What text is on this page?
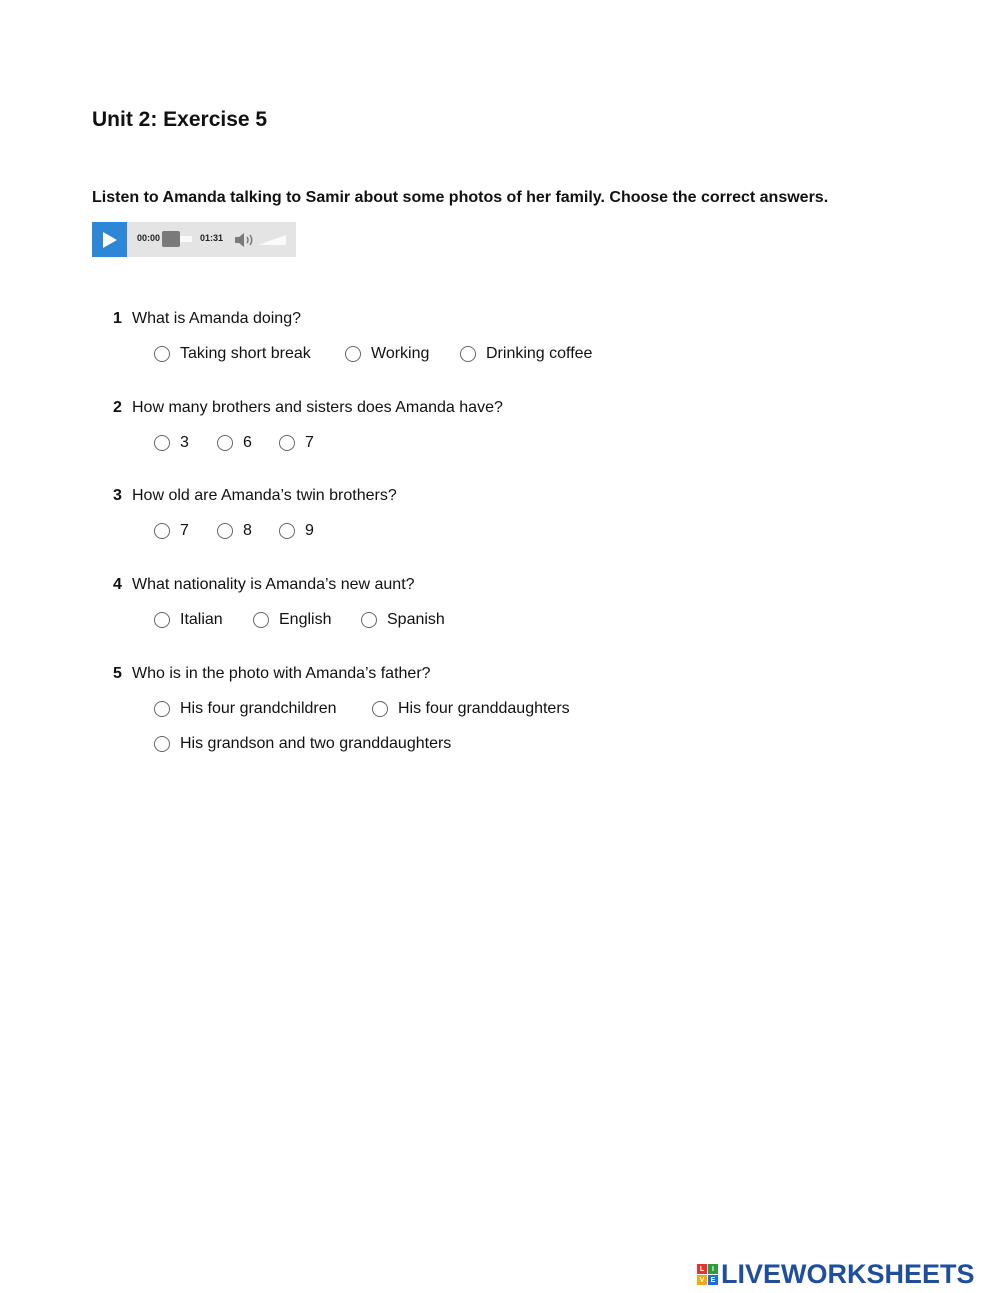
Unit 2: Exercise 5
Listen to Amanda talking to Samir about some photos of her family. Choose the correct answers.
00:00	01:31
1 What is Amanda doing?
Taking short break	Working	Drinking coffee
2 How many brothers and sisters does Amanda have?
3	6	7
3 How old are Amanda’s twin brothers?
7	8	9
4 What nationality is Amanda’s new aunt?
Italian	English	Spanish
5 Who is in the photo with Amanda’s father?
His four grandchildren	His four granddaughters
His grandson and two granddaughters
L	I
V E LIVEWORKSHEETS
